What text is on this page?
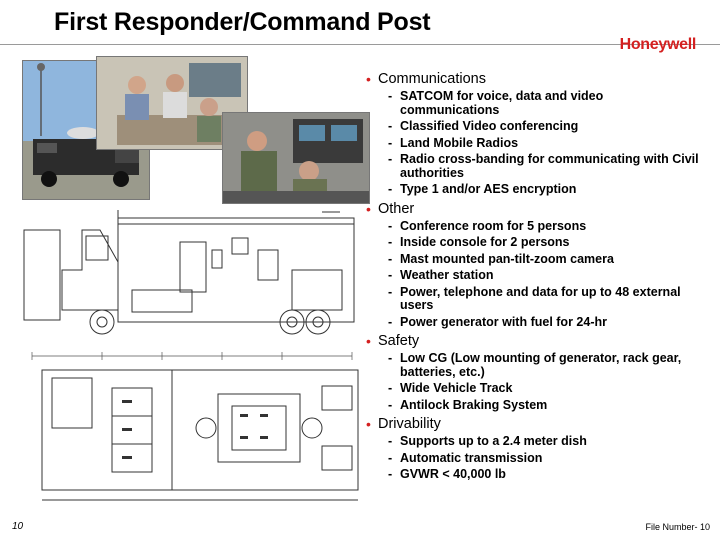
First Responder/Command Post
Honeywell
• Communications
- SATCOM for voice, data and video communications
- Classified Video conferencing
- Land Mobile Radios
- Radio cross-banding for communicating with Civil authorities
- Type 1 and/or AES encryption
• Other
- Conference room for 5 persons
- Inside console for 2 persons
- Mast mounted pan-tilt-zoom camera
- Weather station
- Power, telephone and data for up to 48 external users
- Power generator with fuel for 24-hr
• Safety
- Low CG (Low mounting of generator, rack gear, batteries, etc.)
- Wide Vehicle Track
- Antilock Braking System
• Drivability
- Supports up to a 2.4 meter dish
- Automatic transmission
- GVWR < 40,000 lb
10	File Number- 10
